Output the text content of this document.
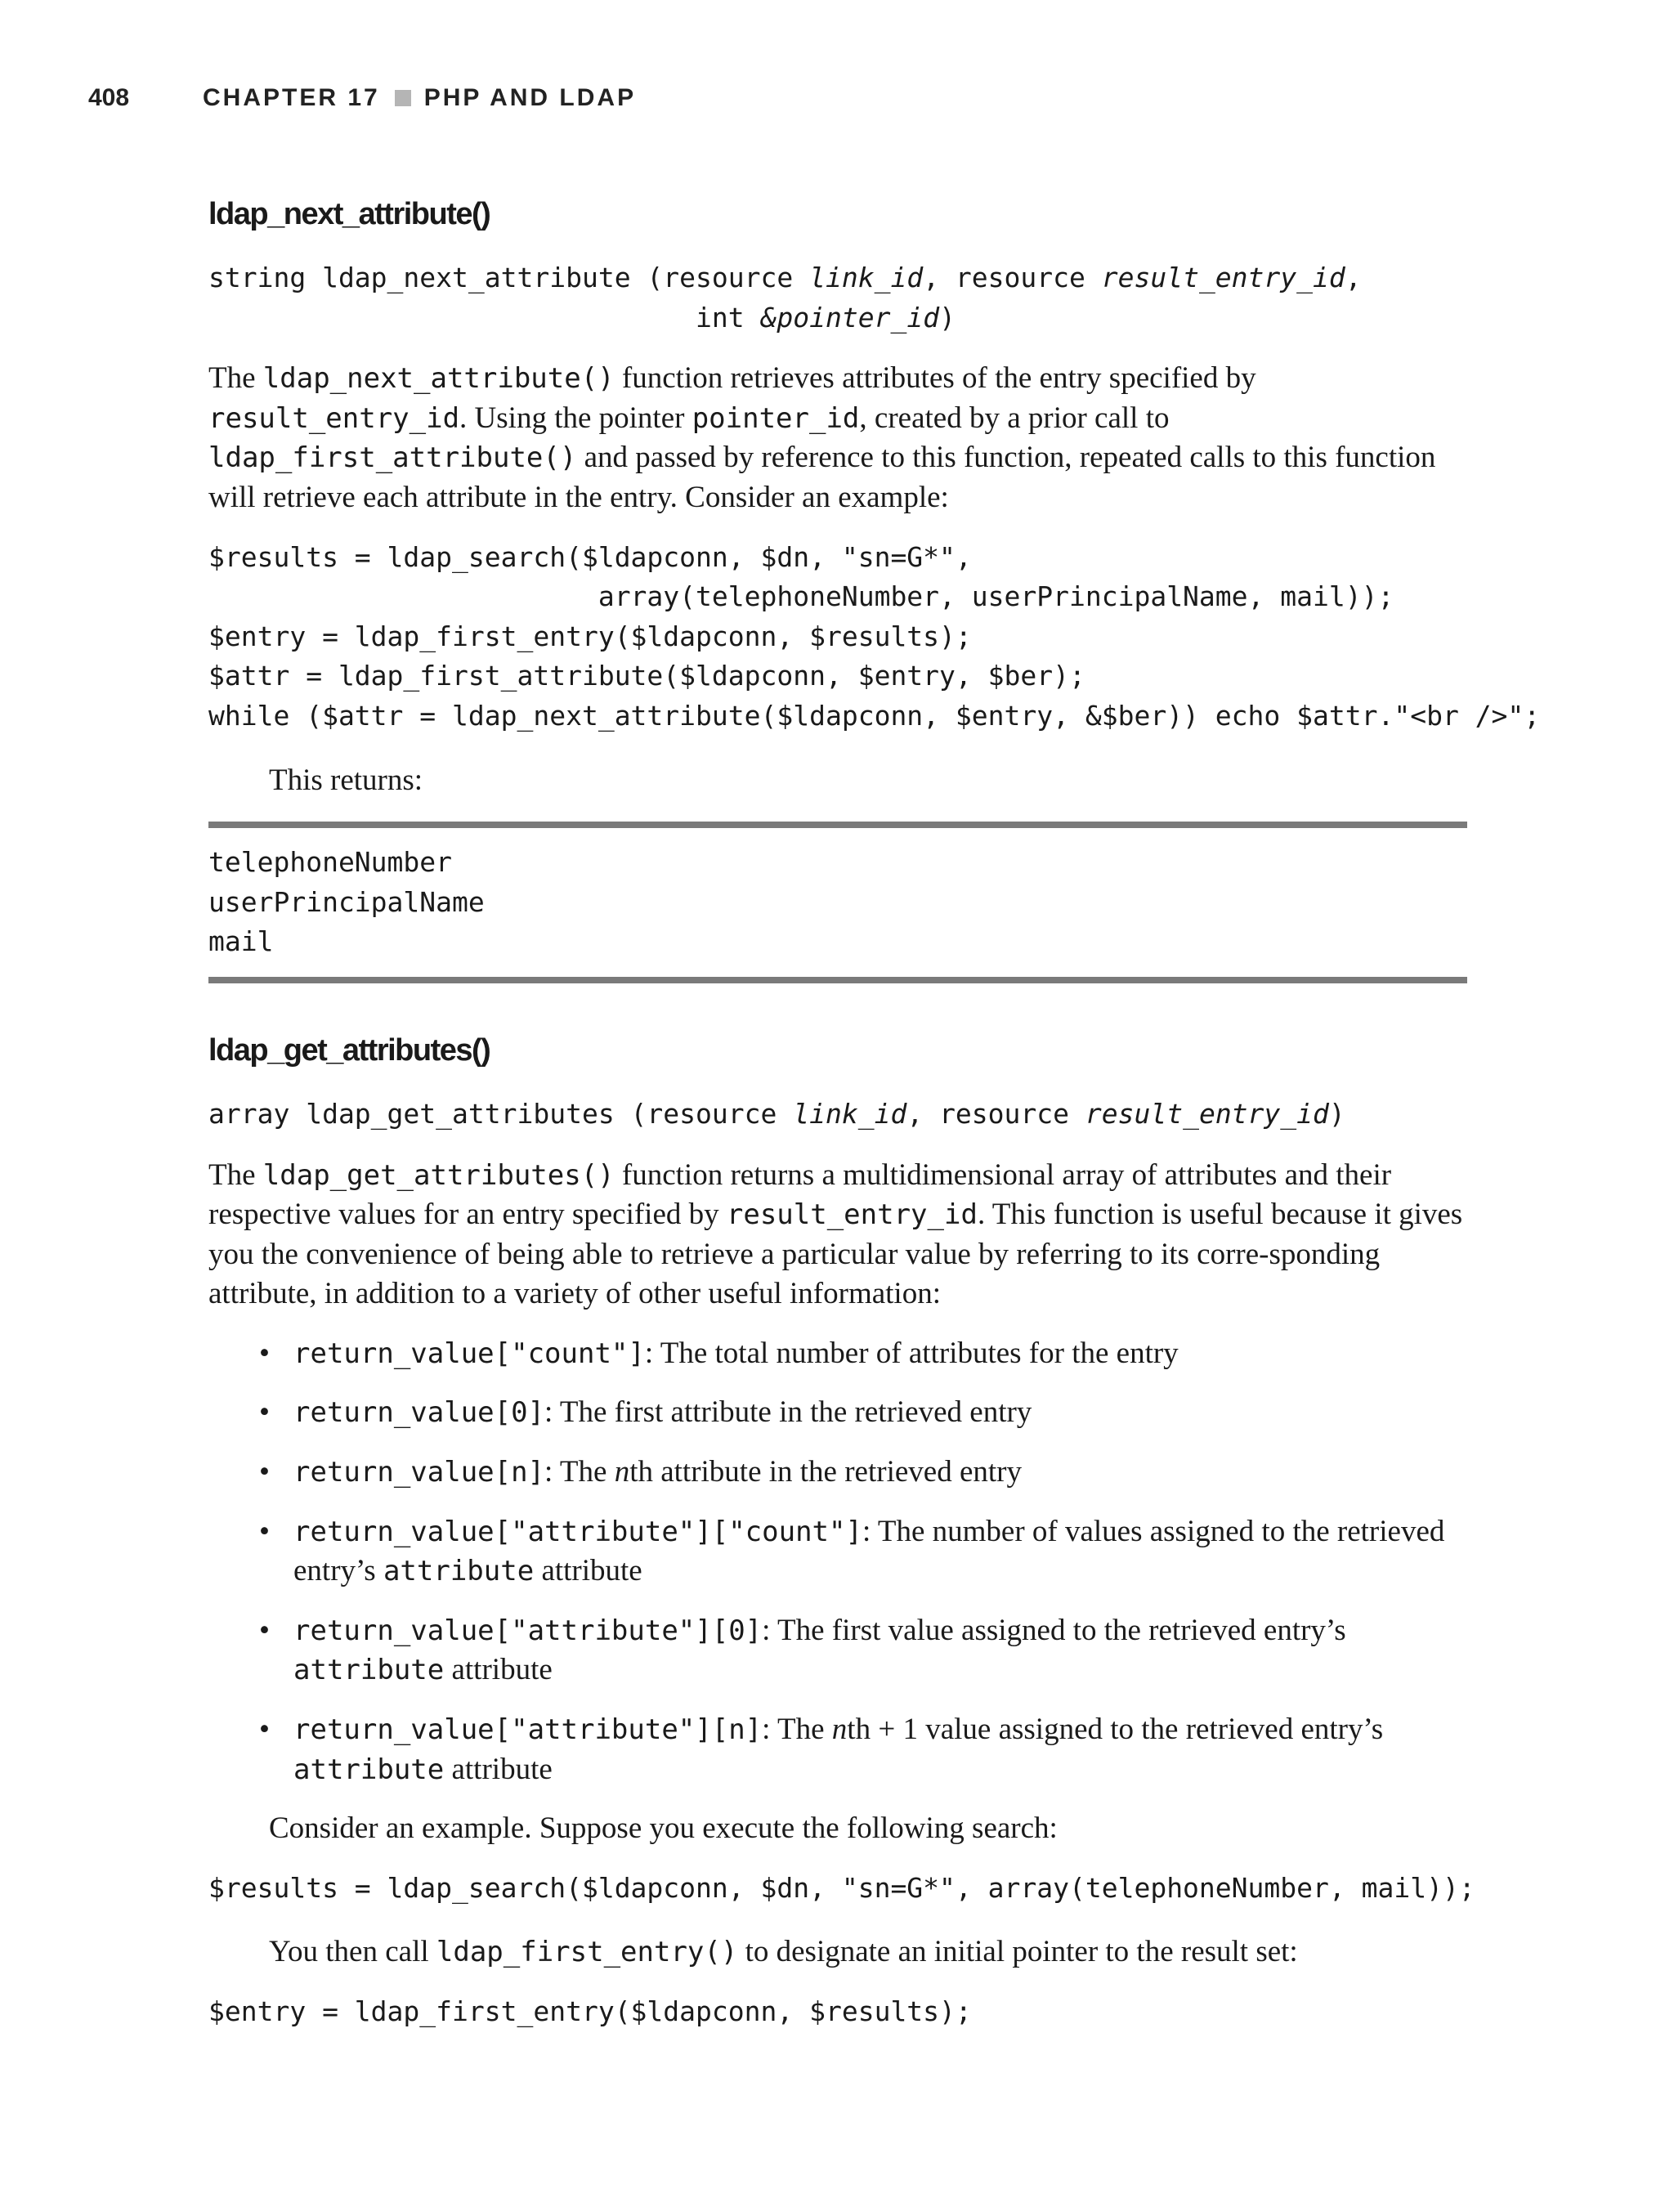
408	CHAPTER 17 PHP AND LDAP
ldap_next_attribute()
string ldap_next_attribute (resource link_id, resource result_entry_id,
int &pointer_id)

The ldap_next_attribute() function retrieves attributes of the entry specified by result_entry_id. Using the pointer pointer_id, created by a prior call to ldap_first_attribute() and passed by reference to this function, repeated calls to this function will retrieve each attribute in the entry. Consider an example:

$results = ldap_search($ldapconn, $dn, "sn=G*",
array(telephoneNumber, userPrincipalName, mail));
$entry = ldap_first_entry($ldapconn, $results);
$attr = ldap_first_attribute($ldapconn, $entry, $ber);
while ($attr = ldap_next_attribute($ldapconn, $entry, &$ber)) echo $attr."<br />";

This returns:

telephoneNumber
userPrincipalName
mail
ldap_get_attributes()
array ldap_get_attributes (resource link_id, resource result_entry_id)

The ldap_get_attributes() function returns a multidimensional array of attributes and their respective values for an entry specified by result_entry_id. This function is useful because it gives you the convenience of being able to retrieve a particular value by referring to its corre-sponding attribute, in addition to a variety of other useful information:

• return_value["count"]: The total number of attributes for the entry
• return_value[0]: The first attribute in the retrieved entry
• return_value[n]: The nth attribute in the retrieved entry
• return_value["attribute"]["count"]: The number of values assigned to the retrieved entry’s attribute attribute
• return_value["attribute"][0]: The first value assigned to the retrieved entry’s attribute attribute
• return_value["attribute"][n]: The nth + 1 value assigned to the retrieved entry’s attribute attribute

Consider an example. Suppose you execute the following search:

$results = ldap_search($ldapconn, $dn, "sn=G*", array(telephoneNumber, mail));

You then call ldap_first_entry() to designate an initial pointer to the result set:

$entry = ldap_first_entry($ldapconn, $results);
